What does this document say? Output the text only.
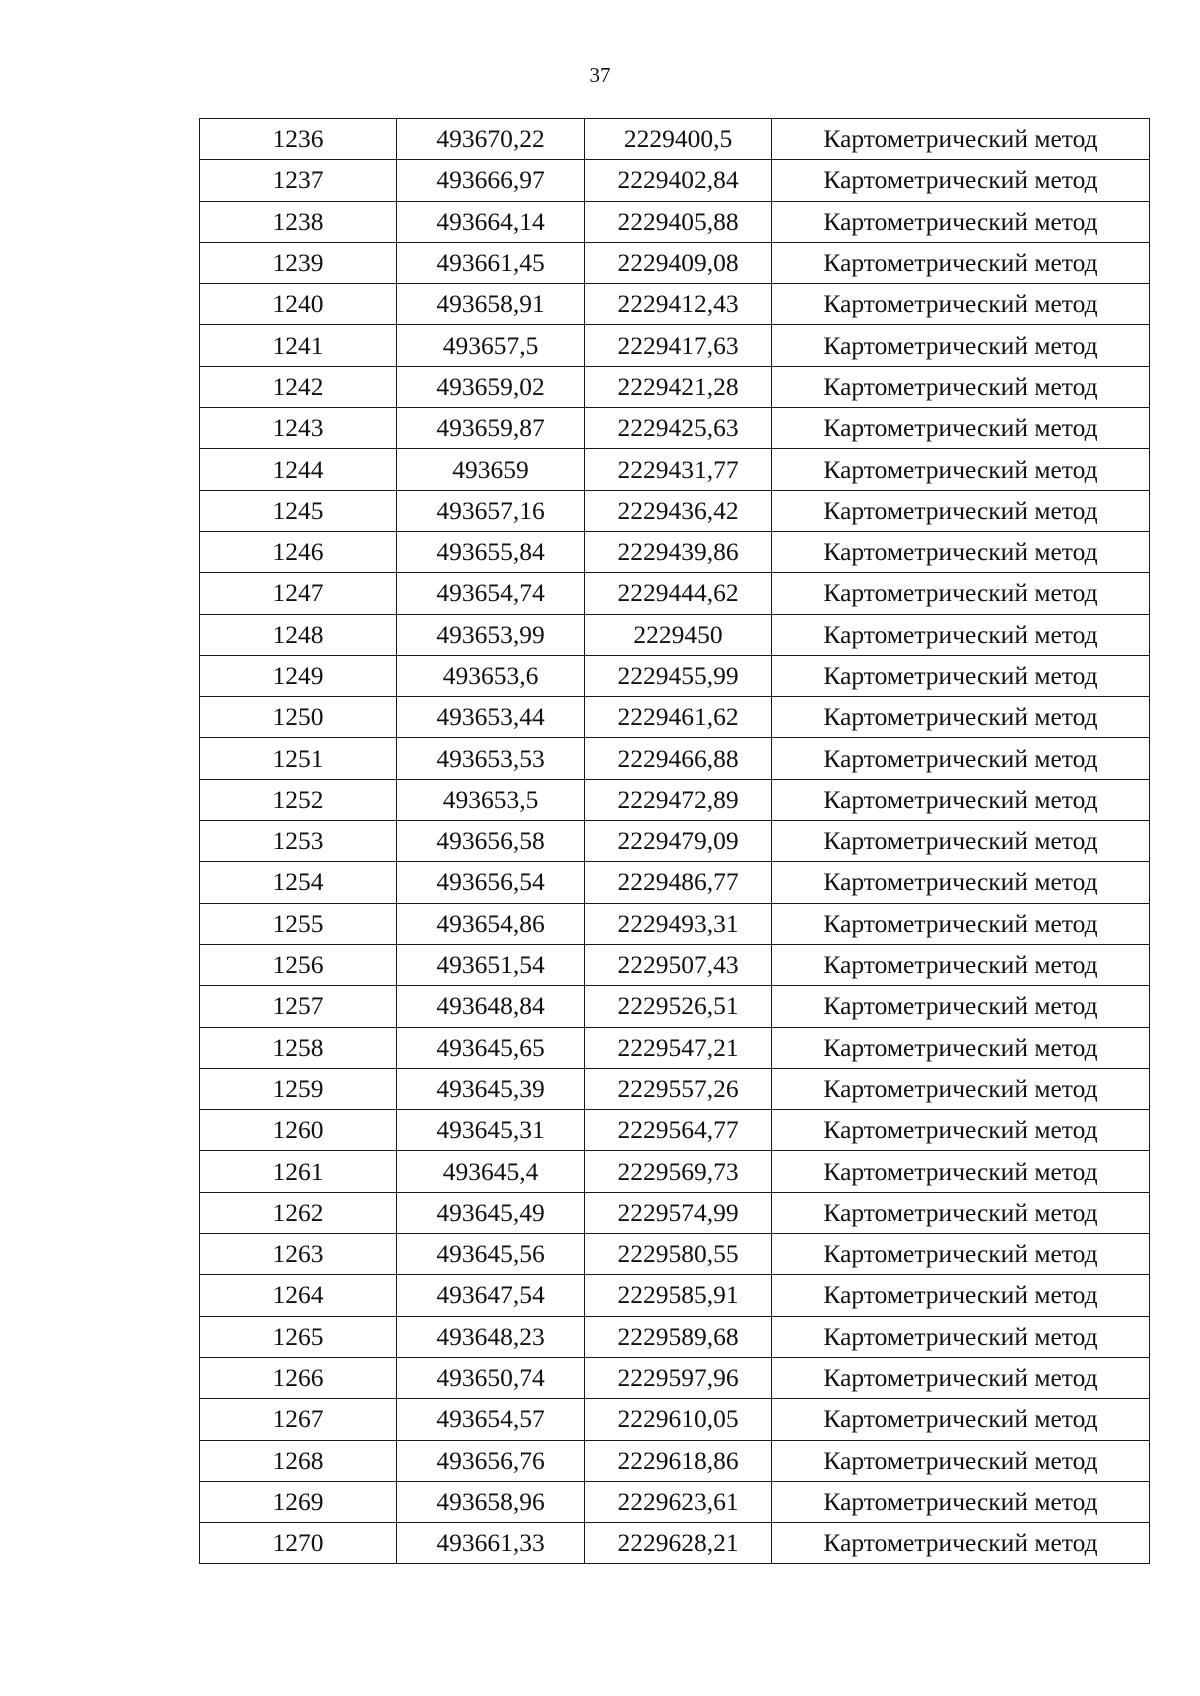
37
1236	493670,22	2229400,5	Картометрический метод
1237	493666,97	2229402,84	Картометрический метод
1238	493664,14	2229405,88	Картометрический метод
1239	493661,45	2229409,08	Картометрический метод
1240	493658,91	2229412,43	Картометрический метод
1241	493657,5	2229417,63	Картометрический метод
1242	493659,02	2229421,28	Картометрический метод
1243	493659,87	2229425,63	Картометрический метод
1244	493659	2229431,77	Картометрический метод
1245	493657,16	2229436,42	Картометрический метод
1246	493655,84	2229439,86	Картометрический метод
1247	493654,74	2229444,62	Картометрический метод
1248	493653,99	2229450	Картометрический метод
1249	493653,6	2229455,99	Картометрический метод
1250	493653,44	2229461,62	Картометрический метод
1251	493653,53	2229466,88	Картометрический метод
1252	493653,5	2229472,89	Картометрический метод
1253	493656,58	2229479,09	Картометрический метод
1254	493656,54	2229486,77	Картометрический метод
1255	493654,86	2229493,31	Картометрический метод
1256	493651,54	2229507,43	Картометрический метод
1257	493648,84	2229526,51	Картометрический метод
1258	493645,65	2229547,21	Картометрический метод
1259	493645,39	2229557,26	Картометрический метод
1260	493645,31	2229564,77	Картометрический метод
1261	493645,4	2229569,73	Картометрический метод
1262	493645,49	2229574,99	Картометрический метод
1263	493645,56	2229580,55	Картометрический метод
1264	493647,54	2229585,91	Картометрический метод
1265	493648,23	2229589,68	Картометрический метод
1266	493650,74	2229597,96	Картометрический метод
1267	493654,57	2229610,05	Картометрический метод
1268	493656,76	2229618,86	Картометрический метод
1269	493658,96	2229623,61	Картометрический метод
1270	493661,33	2229628,21	Картометрический метод
